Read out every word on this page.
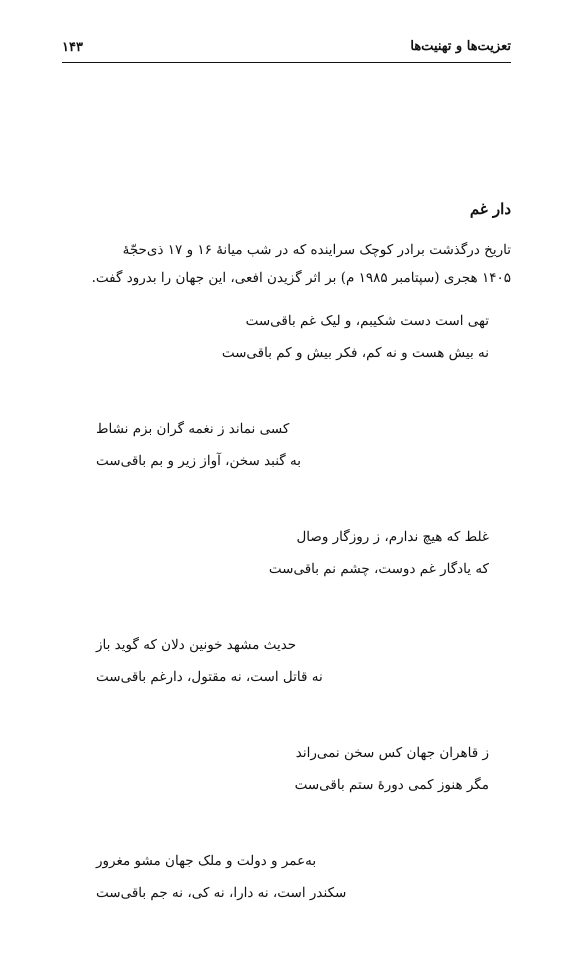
۱۴۳	تعزیت‌ها و تهنیت‌ها
دار غم

تاریخ درگذشت برادر کوچک سراینده که در شب میانهٔ ۱۶ و ۱۷ ذی‌حجّهٔ

۱۴۰۵ هجری (سپتامبر ۱۹۸۵ م) بر اثر گزیدن افعی، این جهان را بدرود گفت.

تهی است دست شکیبم، و لیک غم باقی‌ست
نه بیش هست و نه کم، فکر بیش و کم باقی‌ست
کسی نماند ز نغمه گران بزم نشاط
به گنبد سخن، آواز زیر و بم باقی‌ست
غلط که هیچ ندارم، ز روزگار وصال
که یادگار غم دوست، چشم نم باقی‌ست
حدیث مشهد خونین دلان که گوید باز
نه قاتل است، نه مقتول، دارغم باقی‌ست
ز قاهران جهان کس سخن نمی‌راند
مگر هنوز کمی دورهٔ ستم باقی‌ست
به‌عمر و دولت و ملک جهان مشو مغرور
سکندر است، نه دارا، نه کی، نه جم باقی‌ست
